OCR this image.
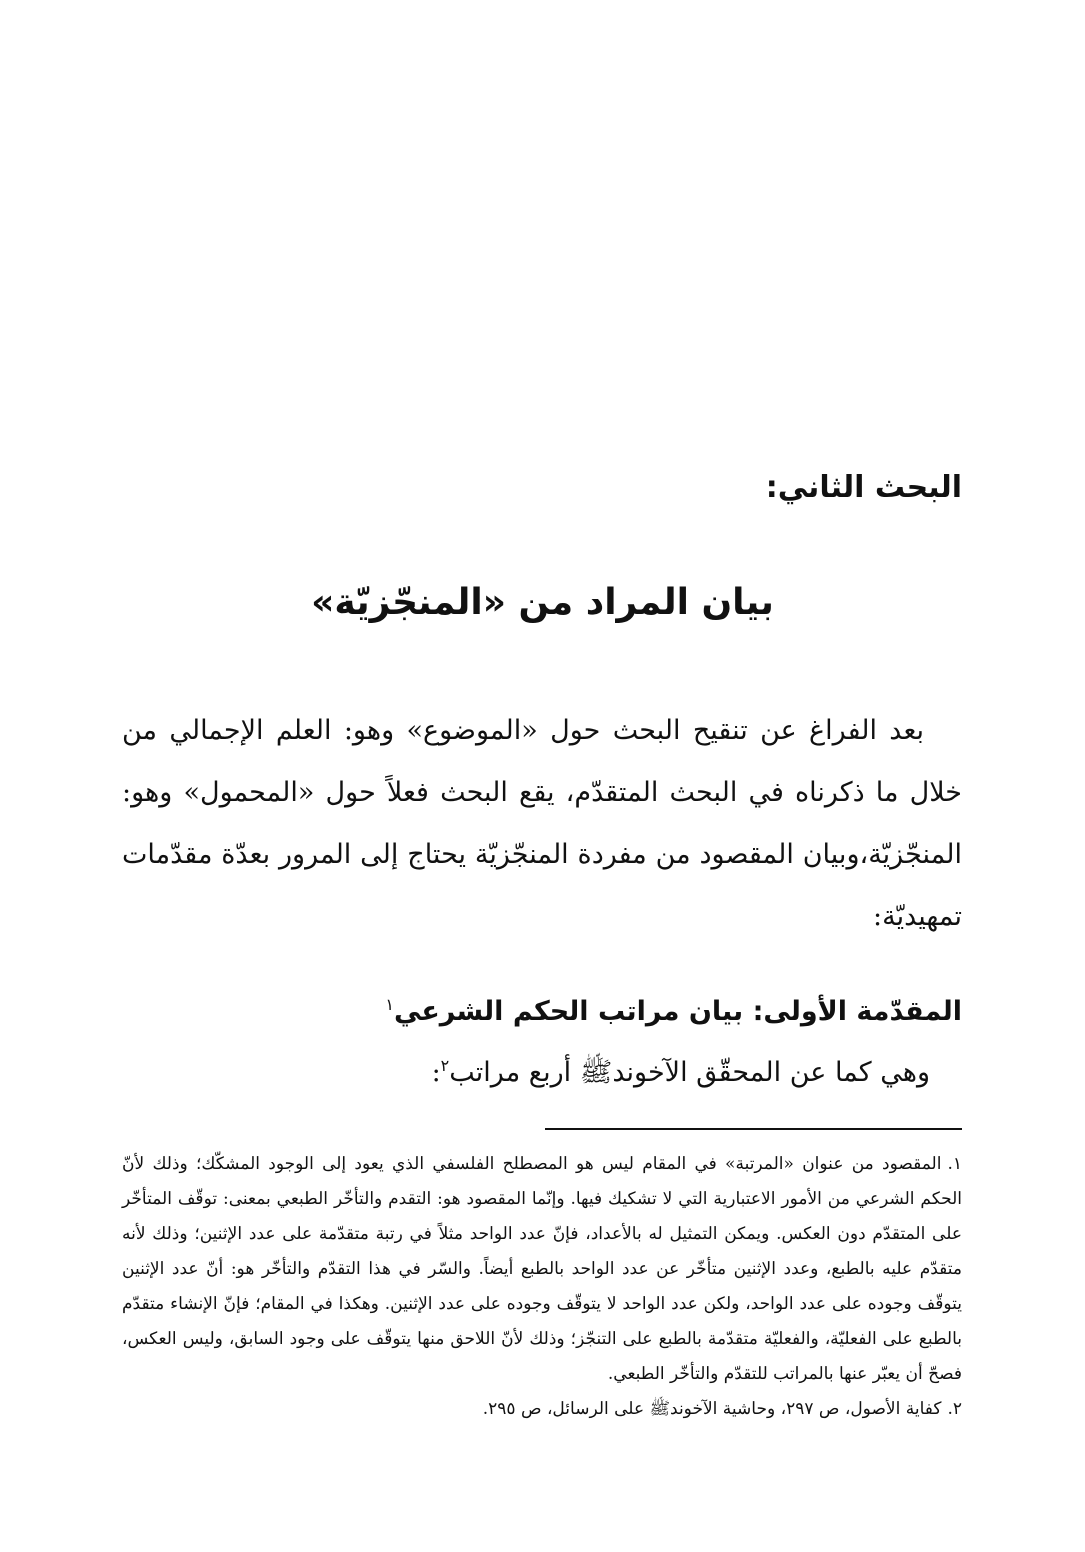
البحث الثاني:
بيان المراد من «المنجّزيّة»

بعد الفراغ عن تنقيح البحث حول «الموضوع» وهو: العلم الإجمالي من خلال ما ذكرناه في البحث المتقدّم، يقع البحث فعلاً حول «المحمول» وهو: المنجّزيّة،وبيان المقصود من مفردة المنجّزيّة يحتاج إلى المرور بعدّة مقدّمات تمهيديّة:

المقدّمة الأولى: بيان مراتب الحكم الشرعي$^١$
وهي كما عن المحقّق الآخوندﷺ أربع مراتب$^٢$:

١.المقصود من عنوان «المرتبة» في المقام ليس هو المصطلح الفلسفي الذي يعود إلى الوجود المشكّك؛ وذلك لأنّ الحكم الشرعي من الأمور الاعتبارية التي لا تشكيك فيها. وإنّما المقصود هو: التقدم والتأخّر الطبعي بمعنى: توقّف المتأخّر على المتقدّم دون العكس. ويمكن التمثيل له بالأعداد، فإنّ عدد الواحد مثلاً في رتبة متقدّمة على عدد الإثنين؛ وذلك لأنه متقدّم عليه بالطبع، وعدد الإثنين متأخّر عن عدد الواحد بالطبع أيضاً. والسّر في هذا التقدّم والتأخّر هو: أنّ عدد الإثنين يتوقّف وجوده على عدد الواحد، ولكن عدد الواحد لا يتوقّف وجوده على عدد الإثنين. وهكذا في المقام؛ فإنّ الإنشاء متقدّم بالطبع على الفعليّة، والفعليّة متقدّمة بالطبع على التنجّز؛ وذلك لأنّ اللاحق منها يتوقّف على وجود السابق، وليس العكس، فصحّ أن يعبّر عنها بالمراتب للتقدّم والتأخّر الطبعي.

٢.كفاية الأصول، ص ٢٩٧، وحاشية الآخوندﷺ على الرسائل، ص ٢٩٥.
